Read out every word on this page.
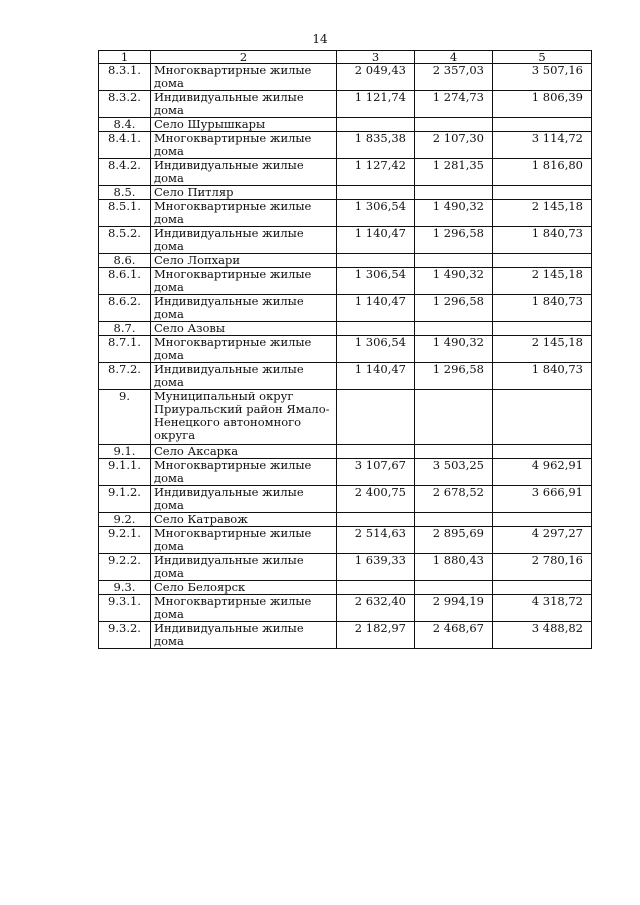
14
1	2	3	4	5
8.3.1.	Многоквартирные жилые дома	2 049,43	2 357,03	3 507,16
8.3.2.	Индивидуальные жилые дома	1 121,74	1 274,73	1 806,39
8.4.	Село Шурышкары			
8.4.1.	Многоквартирные жилые дома	1 835,38	2 107,30	3 114,72
8.4.2.	Индивидуальные жилые дома	1 127,42	1 281,35	1 816,80
8.5.	Село Питляр			
8.5.1.	Многоквартирные жилые дома	1 306,54	1 490,32	2 145,18
8.5.2.	Индивидуальные жилые дома	1 140,47	1 296,58	1 840,73
8.6.	Село Лопхари			
8.6.1.	Многоквартирные жилые дома	1 306,54	1 490,32	2 145,18
8.6.2.	Индивидуальные жилые дома	1 140,47	1 296,58	1 840,73
8.7.	Село Азовы			
8.7.1.	Многоквартирные жилые дома	1 306,54	1 490,32	2 145,18
8.7.2.	Индивидуальные жилые дома	1 140,47	1 296,58	1 840,73
9.	Муниципальный округ Приуральский район Ямало-Ненецкого автономного округа			
9.1.	Село Аксарка			
9.1.1.	Многоквартирные жилые дома	3 107,67	3 503,25	4 962,91
9.1.2.	Индивидуальные жилые дома	2 400,75	2 678,52	3 666,91
9.2.	Село Катравож			
9.2.1.	Многоквартирные жилые дома	2 514,63	2 895,69	4 297,27
9.2.2.	Индивидуальные жилые дома	1 639,33	1 880,43	2 780,16
9.3.	Село Белоярск			
9.3.1.	Многоквартирные жилые дома	2 632,40	2 994,19	4 318,72
9.3.2.	Индивидуальные жилые дома	2 182,97	2 468,67	3 488,82
